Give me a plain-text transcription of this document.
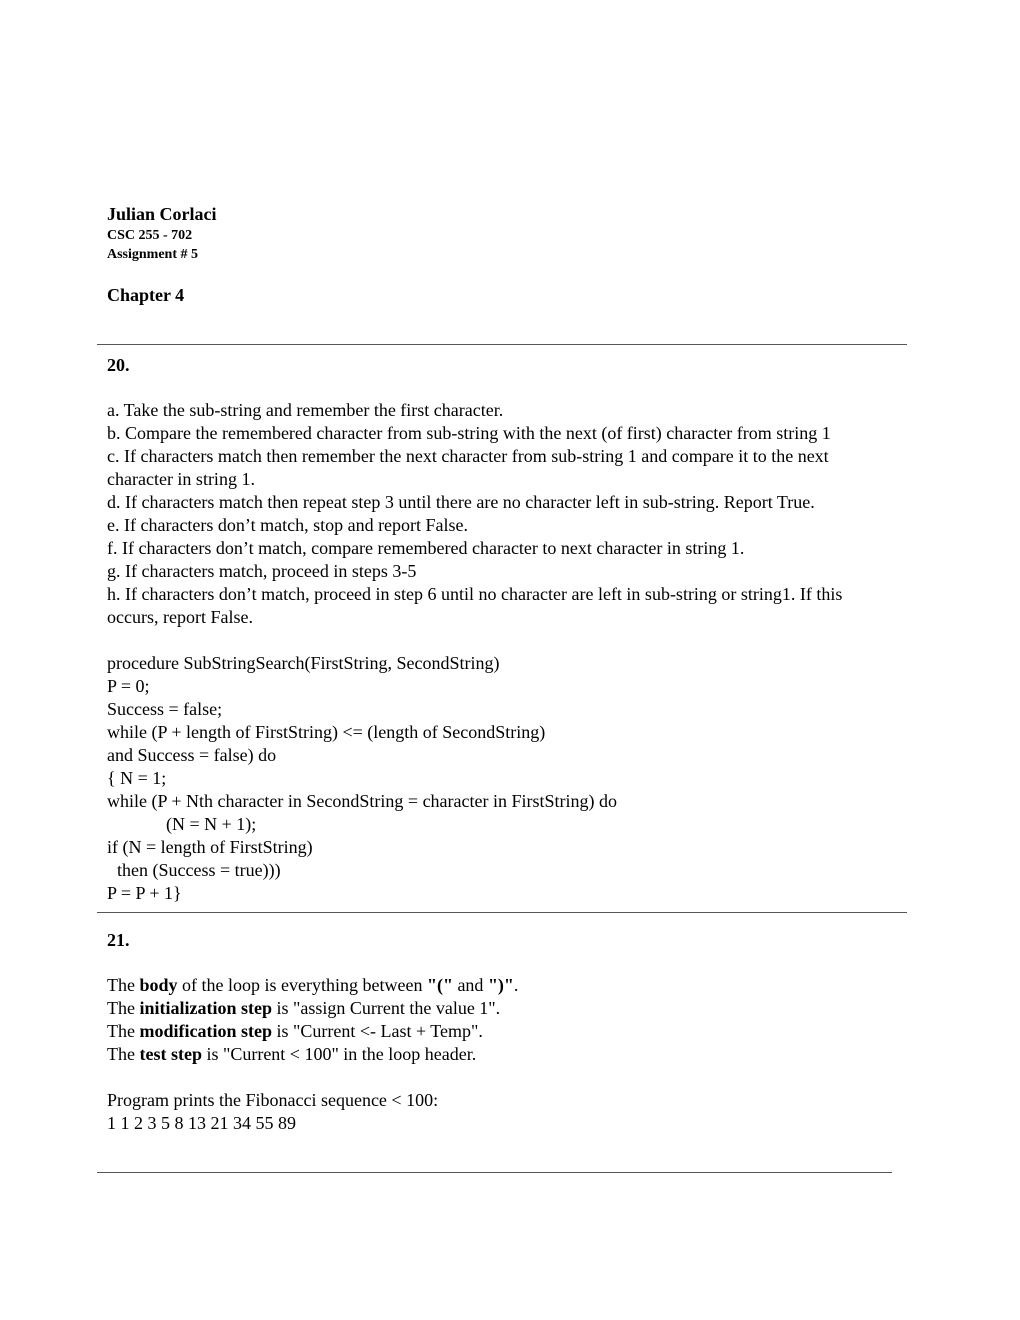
Julian Corlaci
CSC 255 - 702
Assignment # 5
Chapter 4
20.
a. Take the sub-string and remember the first character.
b. Compare the remembered character from sub-string with the next (of first) character from string 1
c. If characters match then remember the next character from sub-string 1 and compare it to the next
character in string 1.
d. If characters match then repeat step 3 until there are no character left in sub-string. Report True.
e. If characters don’t match, stop and report False.
f. If characters don’t match, compare remembered character to next character in string 1.
g. If characters match, proceed in steps 3-5
h. If characters don’t match, proceed in step 6 until no character are left in sub-string or string1. If this
occurs, report False.
procedure SubStringSearch(FirstString, SecondString)
P = 0;
Success = false;
while (P + length of FirstString) <= (length of SecondString)
and Success = false) do
{ N = 1;
while (P + Nth character in SecondString = character in FirstString) do
(N = N + 1);
if (N = length of FirstString)
then (Success = true)))
P = P + 1}
21.
The body of the loop is everything between "(" and ")".
The initialization step is "assign Current the value 1".
The modification step is "Current <- Last + Temp".
The test step is "Current < 100" in the loop header.
Program prints the Fibonacci sequence < 100:
1 1 2 3 5 8 13 21 34 55 89
